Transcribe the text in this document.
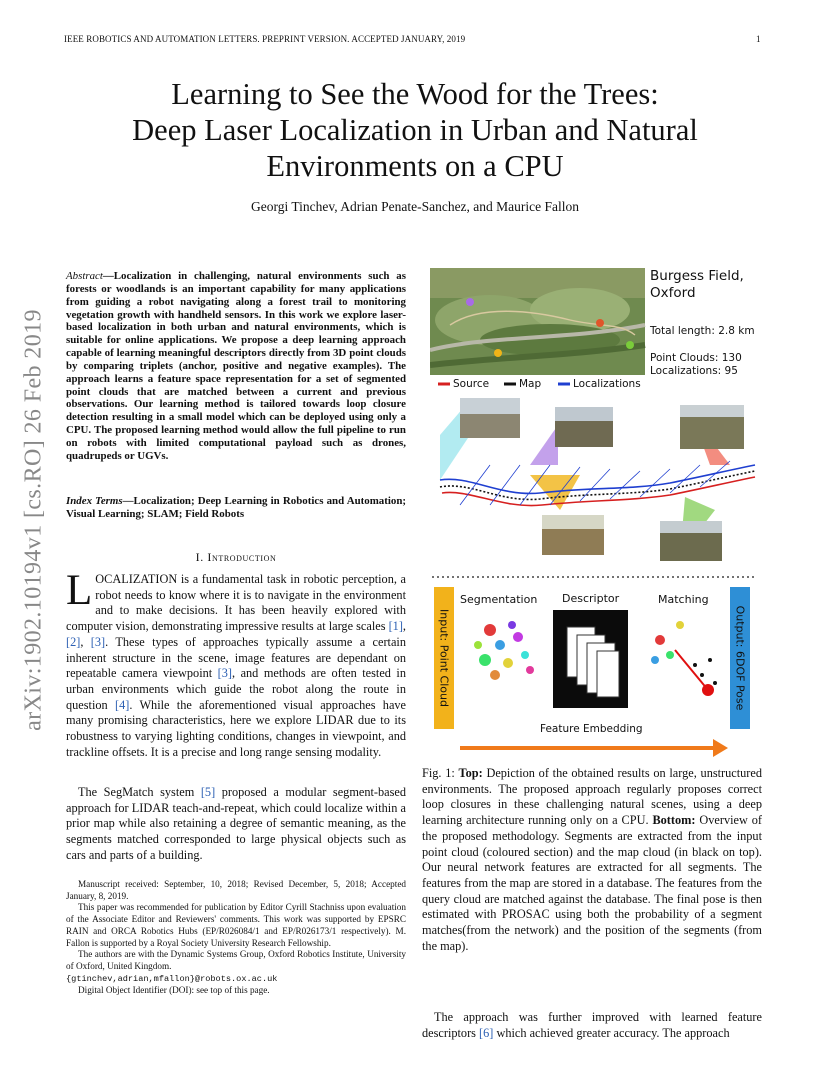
IEEE ROBOTICS AND AUTOMATION LETTERS. PREPRINT VERSION. ACCEPTED JANUARY, 2019	1
Learning to See the Wood for the Trees:
Deep Laser Localization in Urban and Natural
Environments on a CPU
Georgi Tinchev, Adrian Penate-Sanchez, and Maurice Fallon
arXiv:1902.10194v1 [cs.RO] 26 Feb 2019

Abstract—Localization in challenging, natural environments such as forests or woodlands is an important capability for many applications from guiding a robot navigating along a forest trail to monitoring vegetation growth with handheld sensors. In this work we explore laser-based localization in both urban and natural environments, which is suitable for online applications. We propose a deep learning approach capable of learning meaningful descriptors directly from 3D point clouds by comparing triplets (anchor, positive and negative examples). The approach learns a feature space representation for a set of segmented point clouds that are matched between a current and previous observations. Our learning method is tailored towards loop closure detection resulting in a small model which can be deployed using only a CPU. The proposed learning method would allow the full pipeline to run on robots with limited computational payload such as drones, quadrupeds or UGVs.

Index Terms—Localization; Deep Learning in Robotics and Automation; Visual Learning; SLAM; Field Robots

I. Introduction

LOCALIZATION is a fundamental task in robotic perception, a robot needs to know where it is to navigate in the environment and to make decisions. It has been heavily explored with computer vision, demonstrating impressive results at large scales [1], [2], [3]. These types of approaches typically assume a certain inherent structure in the scene, image features are dependant on repeatable camera viewpoint [3], and methods are often tested in urban environments which guide the robot along the route in question [4]. While the aforementioned visual approaches have many promising characteristics, here we explore LIDAR due to its robustness to varying lighting conditions, changes in viewpoint, and trackline offsets. It is a precise and long range sensing modality.

The SegMatch system [5] proposed a modular segment-based approach for LIDAR teach-and-repeat, which could localize within a prior map while also retaining a degree of semantic meaning, as the segments matched corresponded to large physical objects such as cars and parts of a building.

Manuscript received: September, 10, 2018; Revised December, 5, 2018; Accepted January, 8, 2019.

This paper was recommended for publication by Editor Cyrill Stachniss upon evaluation of the Associate Editor and Reviewers' comments. This work was supported by EPSRC RAIN and ORCA Robotics Hubs (EP/R026084/1 and EP/R026173/1 respectively). M. Fallon is supported by a Royal Society University Research Fellowship.

The authors are with the Dynamic Systems Group, Oxford Robotics Institute, University of Oxford, United Kingdom.

{gtinchev,adrian,mfallon}@robots.ox.ac.uk

Digital Object Identifier (DOI): see top of this page.

Burgess Field,
Oxford
Total length: 2.8 km
Point Clouds: 130
Localizations: 95
Source	Map	Localizations
Segmentation Descriptor	Matching
Feature Embedding
Input: Point Cloud	Output: 6DOF Pose

Fig. 1: Top: Depiction of the obtained results on large, unstructured environments. The proposed approach regularly proposes correct loop closures in these challenging natural scenes, using a deep learning architecture running only on a CPU. Bottom: Overview of the proposed methodology. Segments are extracted from the input point cloud (coloured section) and the map cloud (in black on top). Our neural network features are extracted for all segments. The features from the map are stored in a database. The features from the query cloud are matched against the database. The final pose is then estimated with PROSAC using both the probability of a segment matches(from the network) and the position of the segments (from the map).

The approach was further improved with learned feature descriptors [6] which achieved greater accuracy. The approach
